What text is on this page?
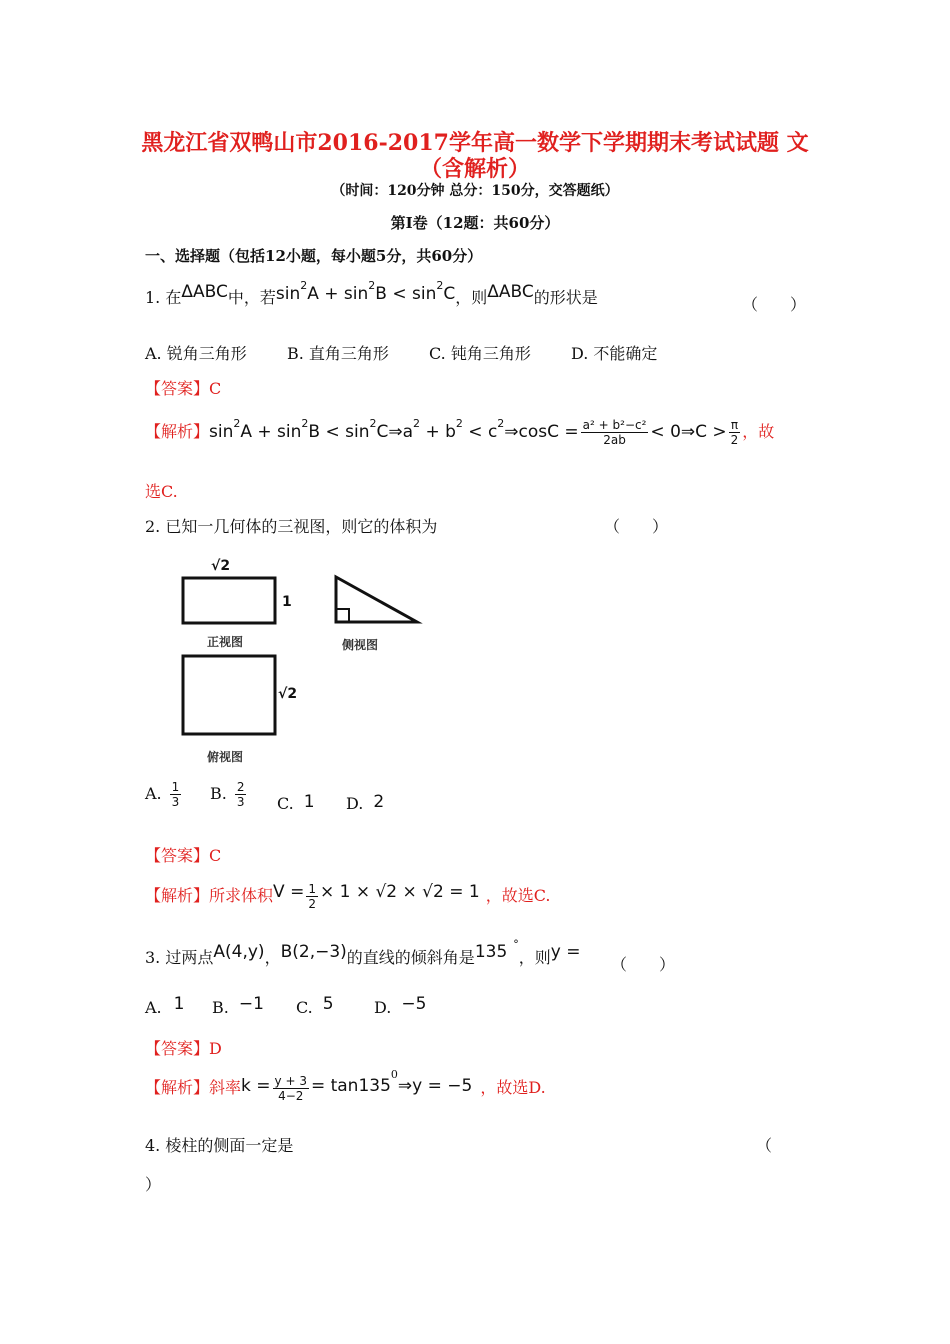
黑龙江省双鸭山市2016-2017学年高一数学下学期期末考试试题 文
（含解析）
（时间：120分钟 总分：150分，交答题纸）
第Ⅰ卷（12题：共60分）
一、选择题（包括12小题，每小题5分，共60分）
1. 在ΔABC中，若$\sin^2A + \sin^2B < \sin^2C$，则ΔABC的形状是	（　　）
A. 锐角三角形	B. 直角三角形	C. 钝角三角形	D. 不能确定
【答案】C
【解析】$\sin^2A + \sin^2B$ < $\sin^2C\Rightarrow a^2 + b^2$ < $c^2\Rightarrow\cos C = \frac{\text{a² + b²−c²}}{2ab}$ < 0⇒C > $\frac{\pi}{2}$ ，故
选C.
2. 已知一几何体的三视图，则它的体积为	（　　）
√2
1
√2
正视图	侧视图
俯视图
A. $\frac{1}{3} B$. $\frac{2}{3} C$. 1 D. 2
【答案】C
【解析】所求体积$V = \frac{1}{2} \times 1 \times √2 \times √2 = 1$ ，故选C.
3. 过两点A(4,y)，B(2,−3)的直线的倾斜角是135 °，则y =
（　　）
A. 1 B. −1 C. 5	D. −5
【答案】D
【解析】斜率$k = \frac{y + 3}{4-2}$ = $\tan 135^0\Rightarrow y = -5$ ，故选D.
4. 棱柱的侧面一定是	（
）
